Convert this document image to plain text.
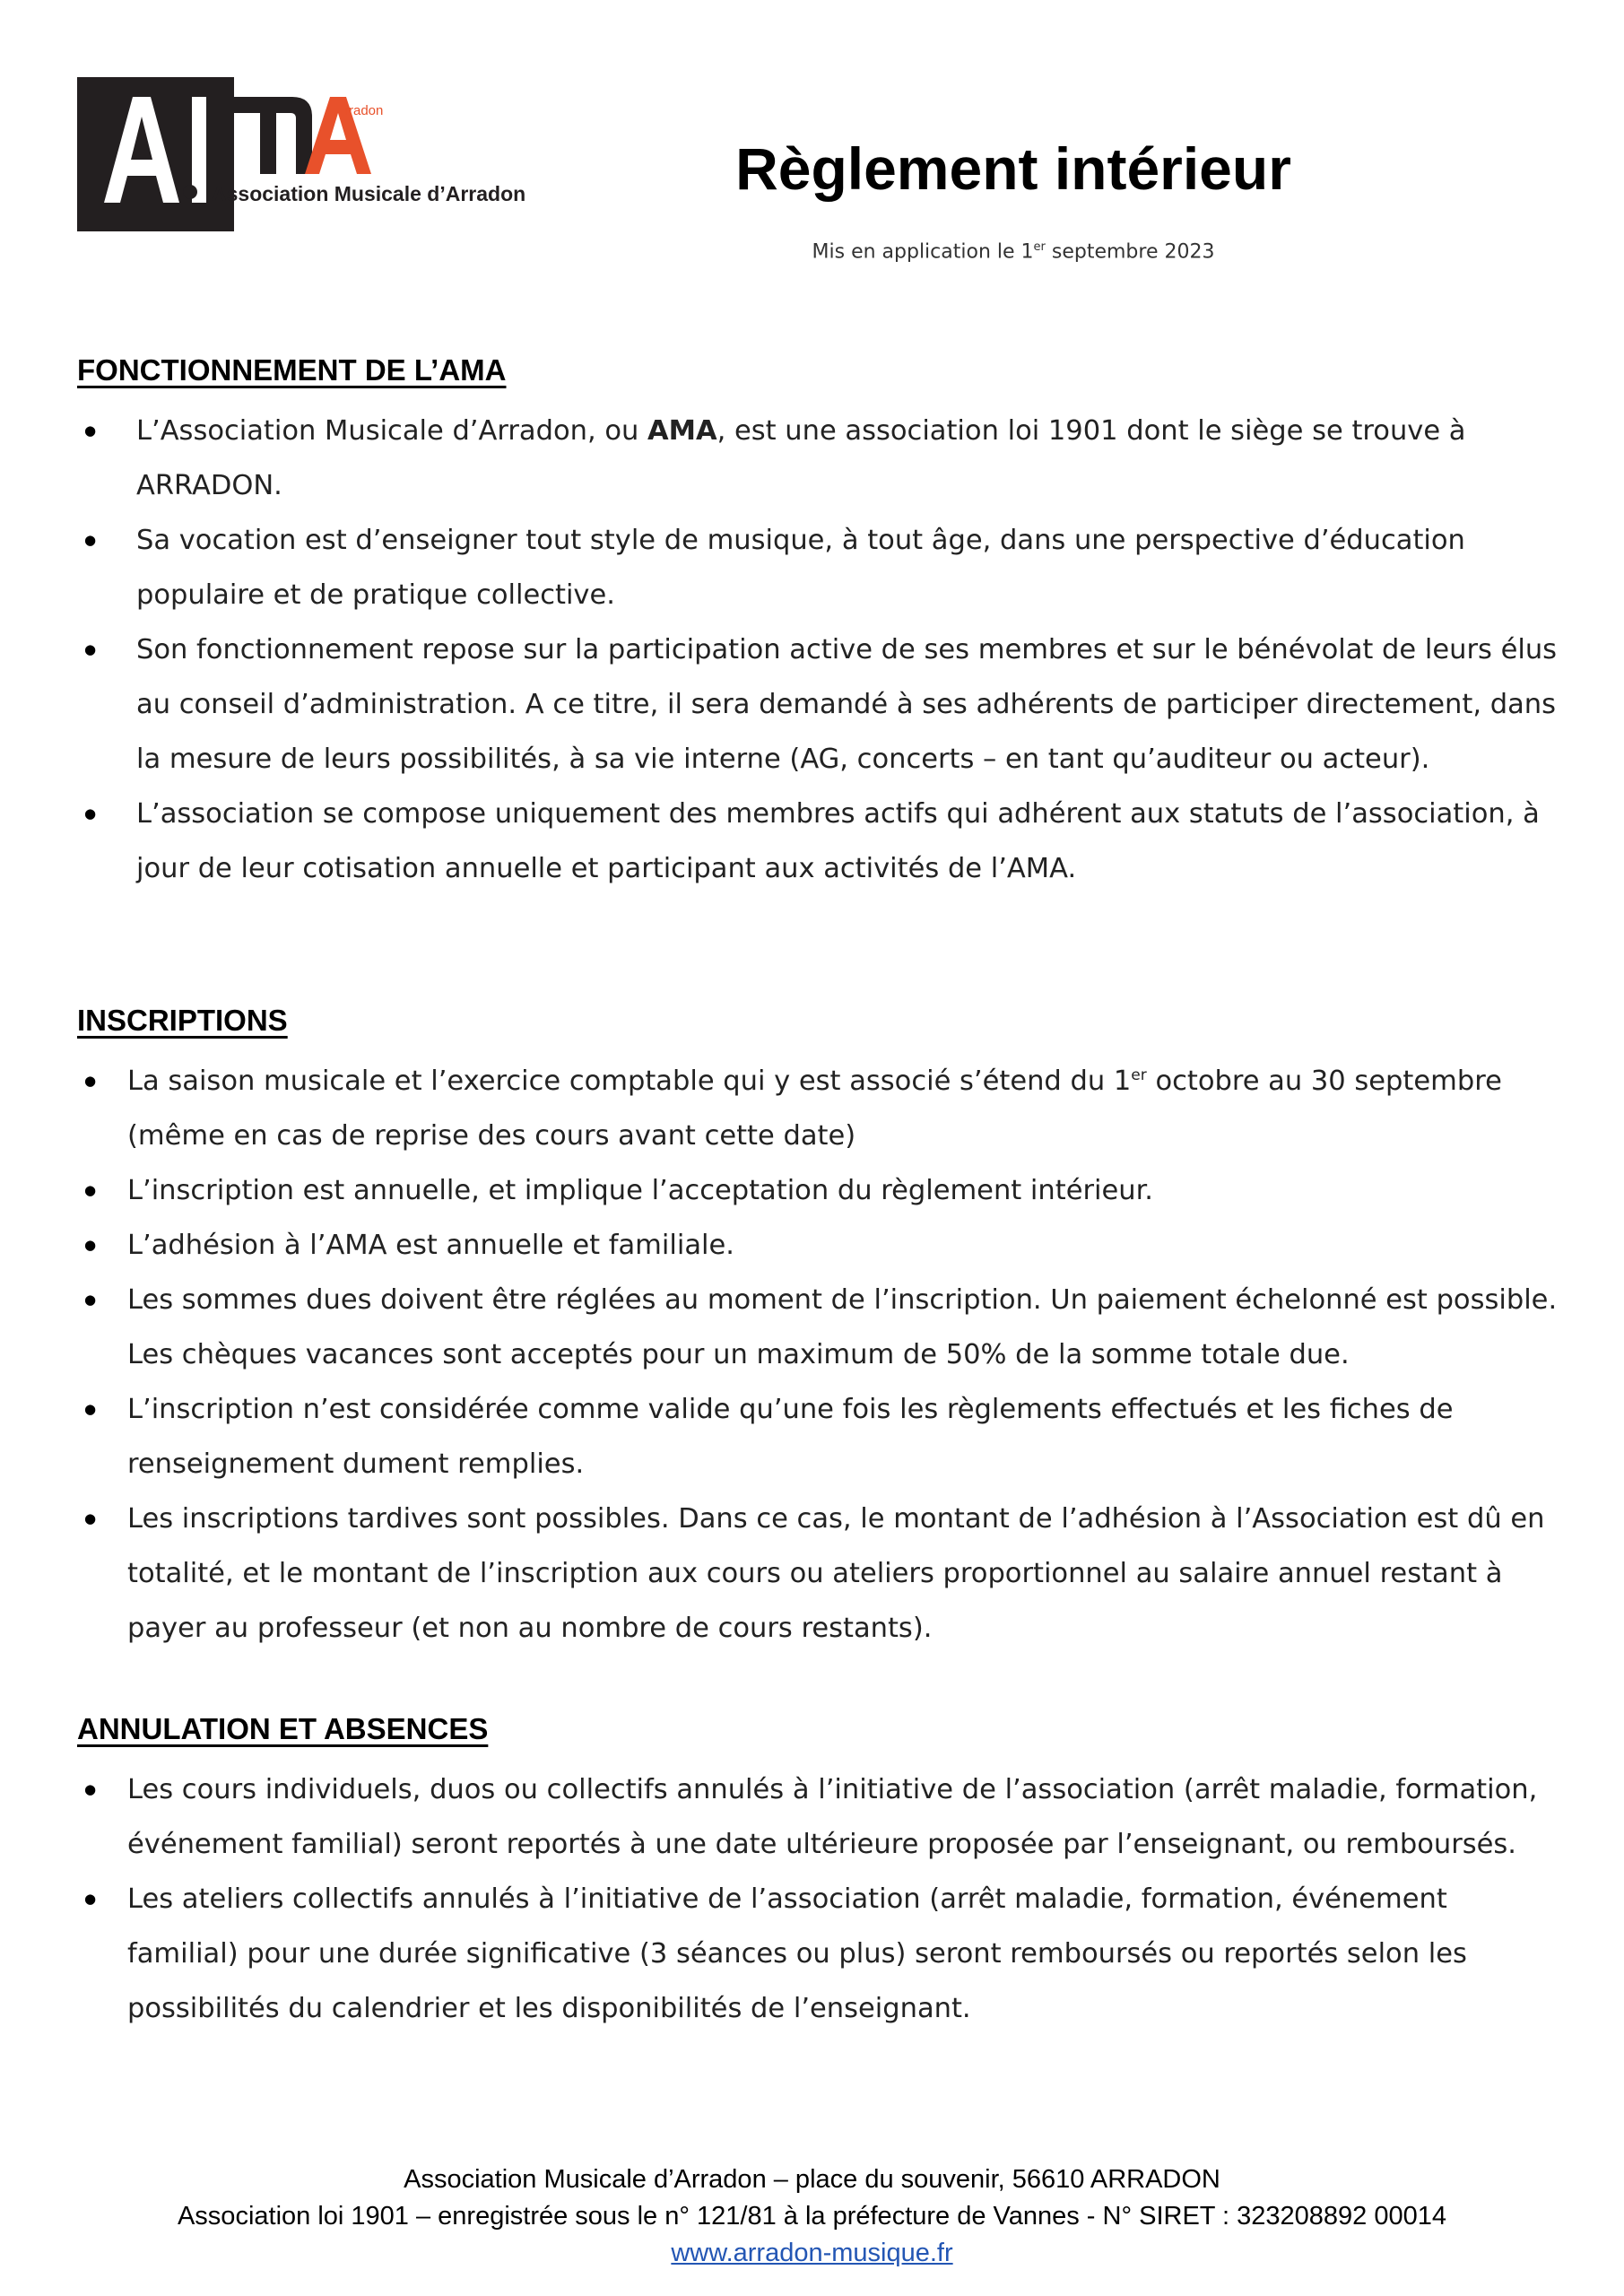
rradon
Association Musicale d’Arradon	Règlement intérieur

Mis en application le 1er septembre 2023

FONCTIONNEMENT DE L’AMA
● L’Association Musicale d’Arradon, ou AMA, est une association loi 1901 dont le siège se trouve à ARRADON.
● Sa vocation est d’enseigner tout style de musique, à tout âge, dans une perspective d’éducation populaire et de pratique collective.
● Son fonctionnement repose sur la participation active de ses membres et sur le bénévolat de leurs élus au conseil d’administration. A ce titre, il sera demandé à ses adhérents de participer directement, dans la mesure de leurs possibilités, à sa vie interne (AG, concerts – en tant qu’auditeur ou acteur).
● L’association se compose uniquement des membres actifs qui adhérent aux statuts de l’association, à jour de leur cotisation annuelle et participant aux activités de l’AMA.
INSCRIPTIONS
● La saison musicale et l’exercice comptable qui y est associé s’étend du 1er octobre au 30 septembre (même en cas de reprise des cours avant cette date)
● L’inscription est annuelle, et implique l’acceptation du règlement intérieur.
● L’adhésion à l’AMA est annuelle et familiale.
● Les sommes dues doivent être réglées au moment de l’inscription. Un paiement échelonné est possible. Les chèques vacances sont acceptés pour un maximum de 50% de la somme totale due.
● L’inscription n’est considérée comme valide qu’une fois les règlements effectués et les fiches de renseignement dument remplies.
● Les inscriptions tardives sont possibles. Dans ce cas, le montant de l’adhésion à l’Association est dû en totalité, et le montant de l’inscription aux cours ou ateliers proportionnel au salaire annuel restant à payer au professeur (et non au nombre de cours restants).
ANNULATION ET ABSENCES
● Les cours individuels, duos ou collectifs annulés à l’initiative de l’association (arrêt maladie, formation, événement familial) seront reportés à une date ultérieure proposée par l’enseignant, ou remboursés.
● Les ateliers collectifs annulés à l’initiative de l’association (arrêt maladie, formation, événement familial) pour une durée significative (3 séances ou plus) seront remboursés ou reportés selon les possibilités du calendrier et les disponibilités de l’enseignant.
Association Musicale d’Arradon – place du souvenir, 56610 ARRADON
Association loi 1901 – enregistrée sous le n° 121/81 à la préfecture de Vannes - N° SIRET : 323208892 00014
www.arradon-musique.fr
